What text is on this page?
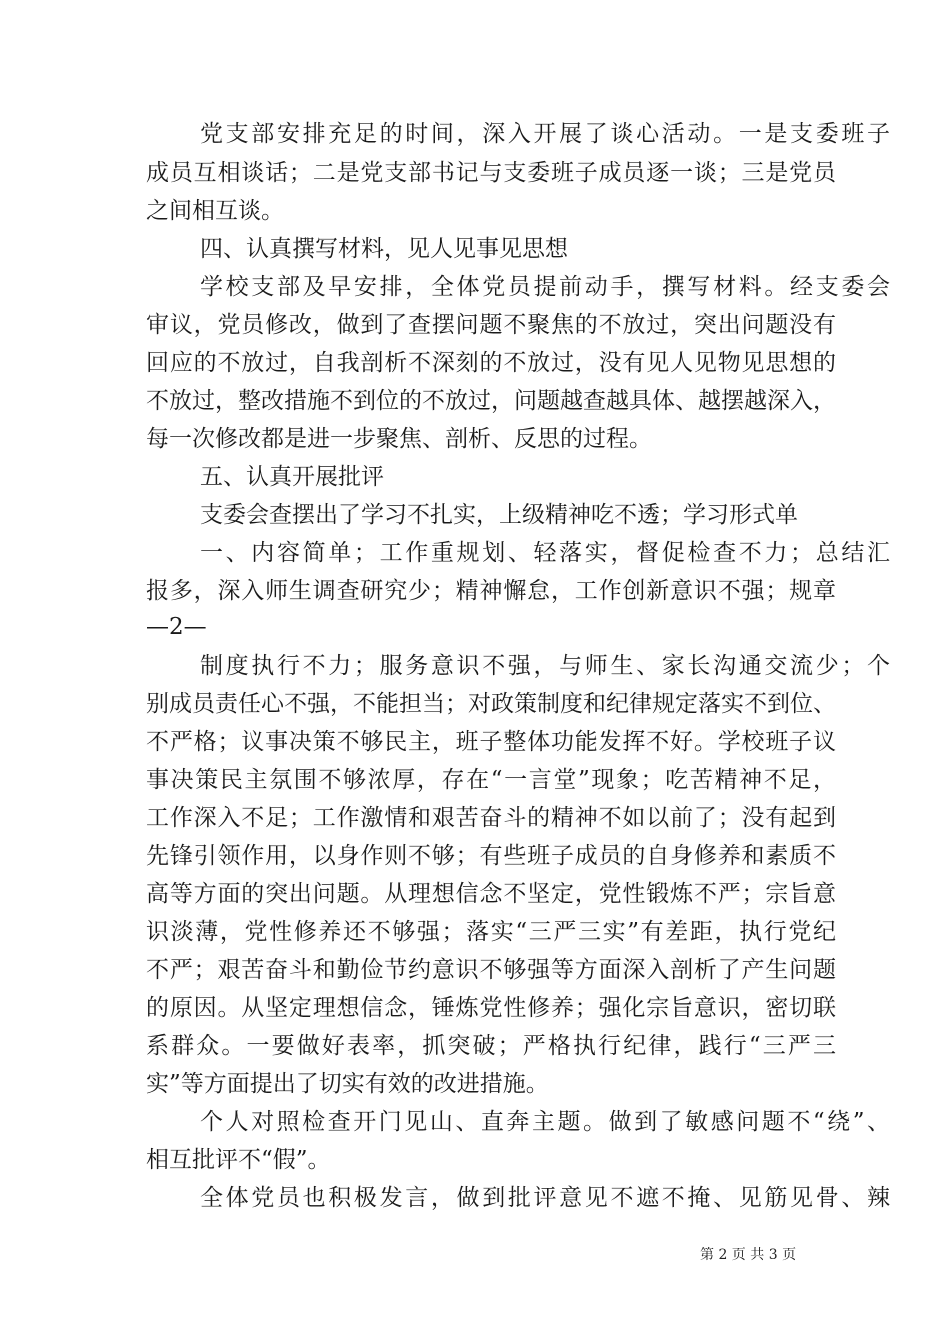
党支部安排充足的时间，深入开展了谈心活动。一是支委班子
成员互相谈话；二是党支部书记与支委班子成员逐一谈；三是党员
之间相互谈。
四、认真撰写材料，见人见事见思想
学校支部及早安排，全体党员提前动手，撰写材料。经支委会
审议，党员修改，做到了查摆问题不聚焦的不放过，突出问题没有
回应的不放过，自我剖析不深刻的不放过，没有见人见物见思想的
不放过，整改措施不到位的不放过，问题越查越具体、越摆越深入，
每一次修改都是进一步聚焦、剖析、反思的过程。
五、认真开展批评
支委会查摆出了学习不扎实，上级精神吃不透；学习形式单
一、内容简单；工作重规划、轻落实，督促检查不力；总结汇
报多，深入师生调查研究少；精神懈怠，工作创新意识不强；规章
—2—
制度执行不力；服务意识不强，与师生、家长沟通交流少；个
别成员责任心不强，不能担当；对政策制度和纪律规定落实不到位、
不严格；议事决策不够民主，班子整体功能发挥不好。学校班子议
事决策民主氛围不够浓厚，存在“一言堂”现象；吃苦精神不足，
工作深入不足；工作激情和艰苦奋斗的精神不如以前了；没有起到
先锋引领作用，以身作则不够；有些班子成员的自身修养和素质不
高等方面的突出问题。从理想信念不坚定，党性锻炼不严；宗旨意
识淡薄，党性修养还不够强；落实“三严三实”有差距，执行党纪
不严；艰苦奋斗和勤俭节约意识不够强等方面深入剖析了产生问题
的原因。从坚定理想信念，锤炼党性修养；强化宗旨意识，密切联
系群众。一要做好表率，抓突破；严格执行纪律，践行“三严三
实”等方面提出了切实有效的改进措施。
个人对照检查开门见山、直奔主题。做到了敏感问题不“绕”、
相互批评不“假”。
全体党员也积极发言，做到批评意见不遮不掩、见筋见骨、辣
第 2 页 共 3 页
